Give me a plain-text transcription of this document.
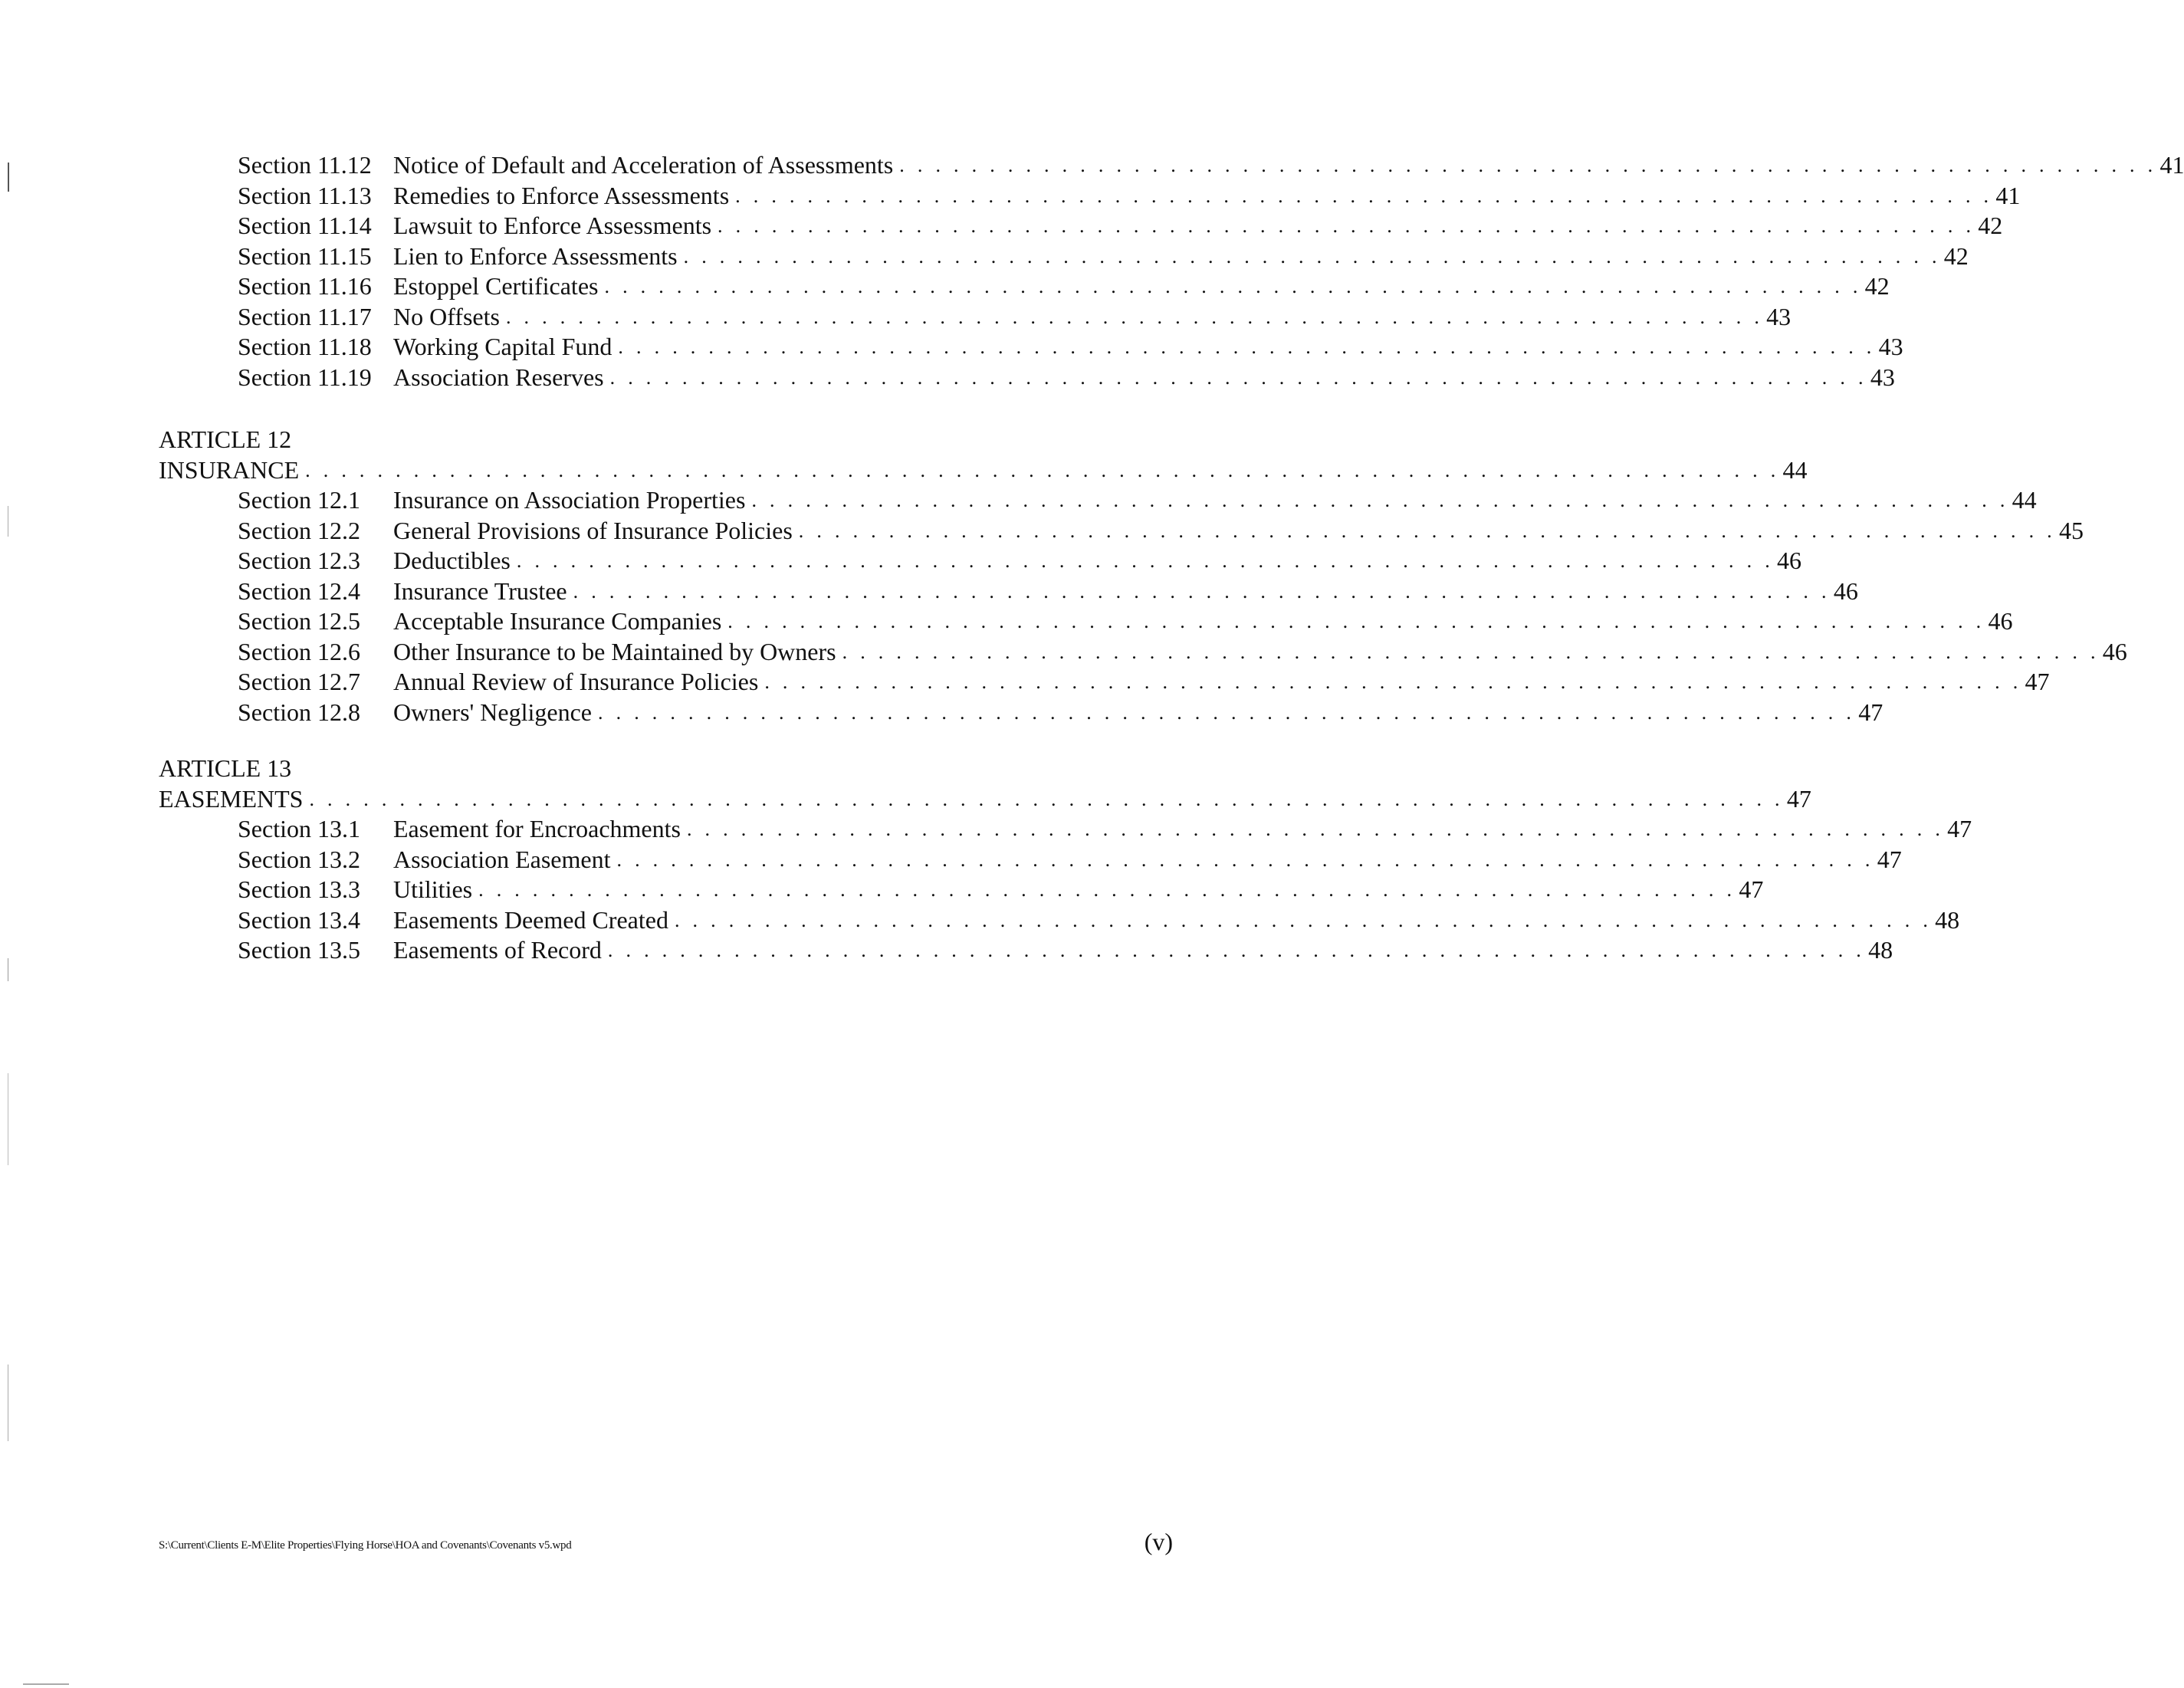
Section 11.12 Notice of Default and Acceleration of Assessments . . . . . . . . . . . . . . . . . . . . . . . . . . . . . . . . . . . . . . . . . . . . . . . . . . . . . . . . . . . . . . . . . . . . . . 41
Section 11.13 Remedies to Enforce Assessments . . . . . . . . . . . . . . . . . . . . . . . . . . . . . . . . . . . . . . . . . . . . . . . . . . . . . . . . . . . . . . . . . . . . . . 41
Section 11.14 Lawsuit to Enforce Assessments . . . . . . . . . . . . . . . . . . . . . . . . . . . . . . . . . . . . . . . . . . . . . . . . . . . . . . . . . . . . . . . . . . . . . . 42
Section 11.15 Lien to Enforce Assessments . . . . . . . . . . . . . . . . . . . . . . . . . . . . . . . . . . . . . . . . . . . . . . . . . . . . . . . . . . . . . . . . . . . . . . 42
Section 11.16 Estoppel Certificates . . . . . . . . . . . . . . . . . . . . . . . . . . . . . . . . . . . . . . . . . . . . . . . . . . . . . . . . . . . . . . . . . . . . . . 42
Section 11.17 No Offsets . . . . . . . . . . . . . . . . . . . . . . . . . . . . . . . . . . . . . . . . . . . . . . . . . . . . . . . . . . . . . . . . . . . . . . 43
Section 11.18 Working Capital Fund . . . . . . . . . . . . . . . . . . . . . . . . . . . . . . . . . . . . . . . . . . . . . . . . . . . . . . . . . . . . . . . . . . . . . . 43
Section 11.19 Association Reserves . . . . . . . . . . . . . . . . . . . . . . . . . . . . . . . . . . . . . . . . . . . . . . . . . . . . . . . . . . . . . . . . . . . . . . 43
ARTICLE 12
INSURANCE . . . . . . . . . . . . . . . . . . . . . . . . . . . . . . . . . . . . . . . . . . . . . . . . . . . . . . . . . . . . . . . . . . . . . . . . . . . . . . . . . . 44
Section 12.1 Insurance on Association Properties . . . . . . . . . . . . . . . . . . . . . . . . . . . . . . . . . . . . . . . . . . . . . . . . . . . . . . . . . . . . . . . . . . . . . . 44
Section 12.2 General Provisions of Insurance Policies . . . . . . . . . . . . . . . . . . . . . . . . . . . . . . . . . . . . . . . . . . . . . . . . . . . . . . . . . . . . . . . . . . . . . . 45
Section 12.3 Deductibles . . . . . . . . . . . . . . . . . . . . . . . . . . . . . . . . . . . . . . . . . . . . . . . . . . . . . . . . . . . . . . . . . . . . . . 46
Section 12.4 Insurance Trustee . . . . . . . . . . . . . . . . . . . . . . . . . . . . . . . . . . . . . . . . . . . . . . . . . . . . . . . . . . . . . . . . . . . . . . 46
Section 12.5 Acceptable Insurance Companies . . . . . . . . . . . . . . . . . . . . . . . . . . . . . . . . . . . . . . . . . . . . . . . . . . . . . . . . . . . . . . . . . . . . . . 46
Section 12.6 Other Insurance to be Maintained by Owners . . . . . . . . . . . . . . . . . . . . . . . . . . . . . . . . . . . . . . . . . . . . . . . . . . . . . . . . . . . . . . . . . . . . . . 46
Section 12.7 Annual Review of Insurance Policies . . . . . . . . . . . . . . . . . . . . . . . . . . . . . . . . . . . . . . . . . . . . . . . . . . . . . . . . . . . . . . . . . . . . . . 47
Section 12.8 Owners' Negligence . . . . . . . . . . . . . . . . . . . . . . . . . . . . . . . . . . . . . . . . . . . . . . . . . . . . . . . . . . . . . . . . . . . . . . 47
ARTICLE 13
EASEMENTS . . . . . . . . . . . . . . . . . . . . . . . . . . . . . . . . . . . . . . . . . . . . . . . . . . . . . . . . . . . . . . . . . . . . . . . . . . . . . . . . . . 47
Section 13.1 Easement for Encroachments . . . . . . . . . . . . . . . . . . . . . . . . . . . . . . . . . . . . . . . . . . . . . . . . . . . . . . . . . . . . . . . . . . . . . . 47
Section 13.2 Association Easement . . . . . . . . . . . . . . . . . . . . . . . . . . . . . . . . . . . . . . . . . . . . . . . . . . . . . . . . . . . . . . . . . . . . . . 47
Section 13.3 Utilities . . . . . . . . . . . . . . . . . . . . . . . . . . . . . . . . . . . . . . . . . . . . . . . . . . . . . . . . . . . . . . . . . . . . . . 47
Section 13.4 Easements Deemed Created . . . . . . . . . . . . . . . . . . . . . . . . . . . . . . . . . . . . . . . . . . . . . . . . . . . . . . . . . . . . . . . . . . . . . . 48
Section 13.5 Easements of Record . . . . . . . . . . . . . . . . . . . . . . . . . . . . . . . . . . . . . . . . . . . . . . . . . . . . . . . . . . . . . . . . . . . . . . 48
S:\Current\Clients E-M\Elite Properties\Flying Horse\HOA and Covenants\Covenants v5.wpd	(v)
